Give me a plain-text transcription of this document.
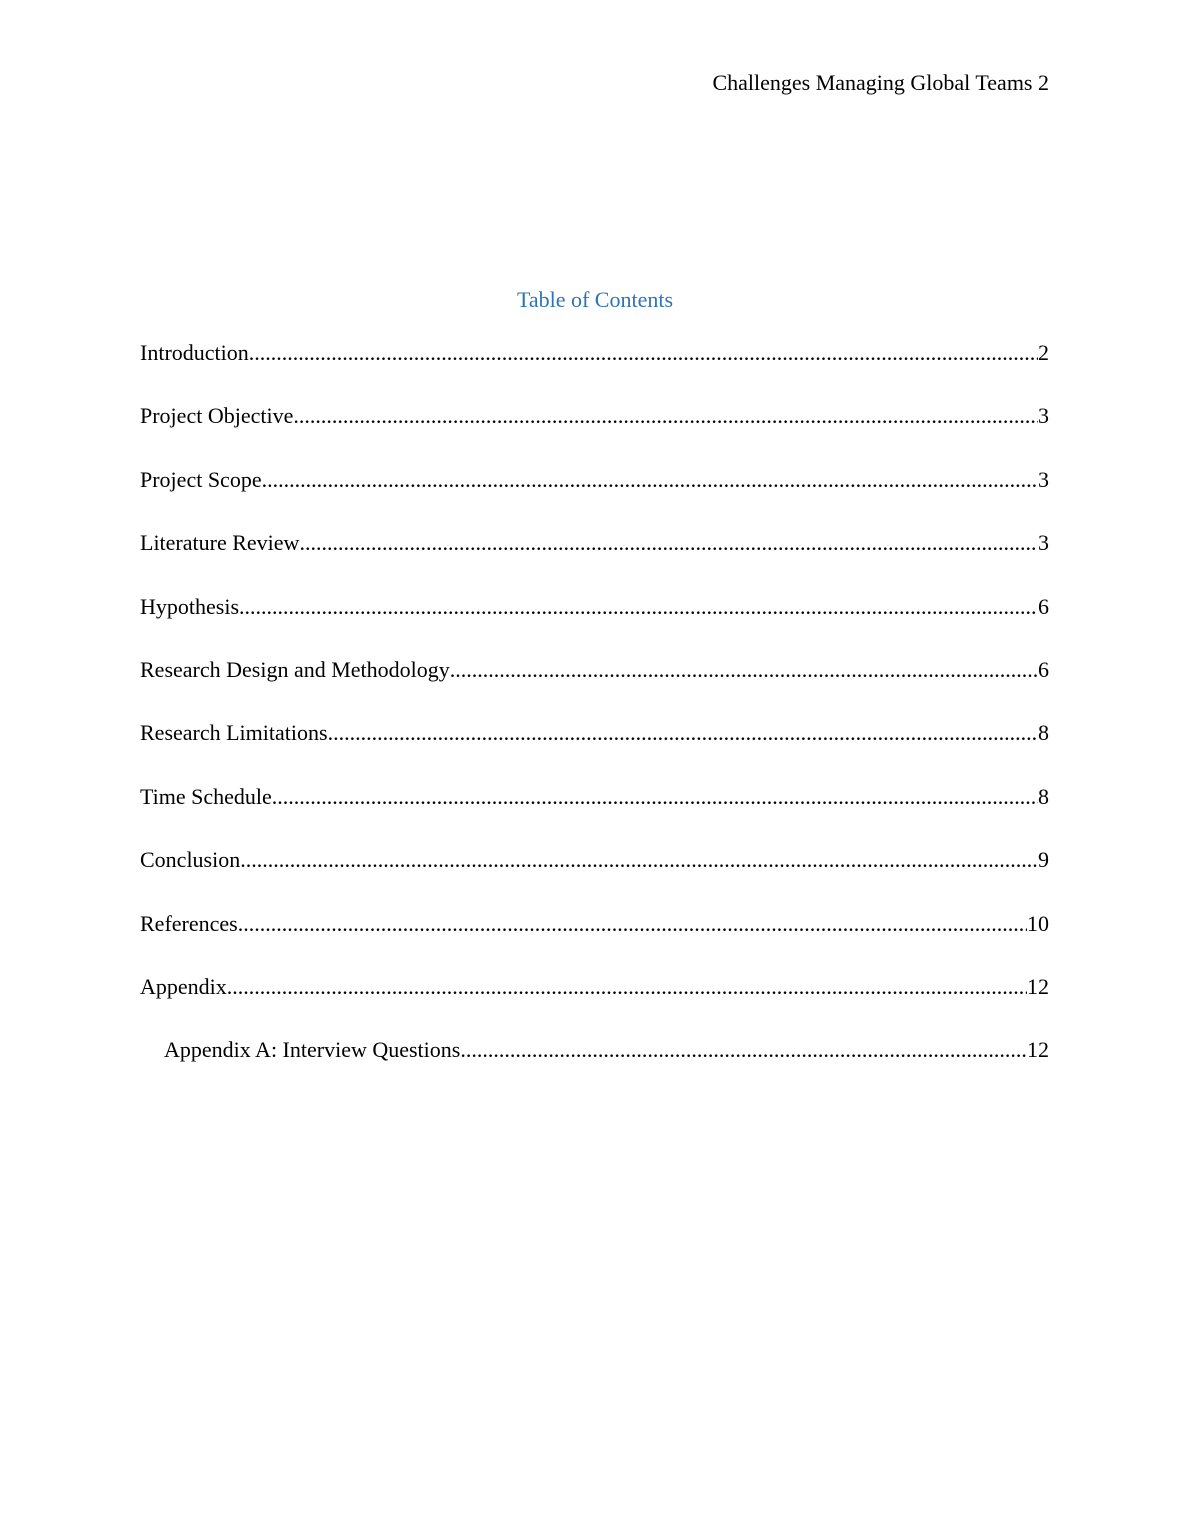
Challenges Managing Global Teams 2
Table of Contents
Introduction .....	2
Project Objective .....	3
Project Scope .....	3
Literature Review .....	3
Hypothesis .....	6
Research Design and Methodology .....	6
Research Limitations .....	8
Time Schedule .....	8
Conclusion .....	9
References .....	10
Appendix .....	12
Appendix A: Interview Questions .....	12
